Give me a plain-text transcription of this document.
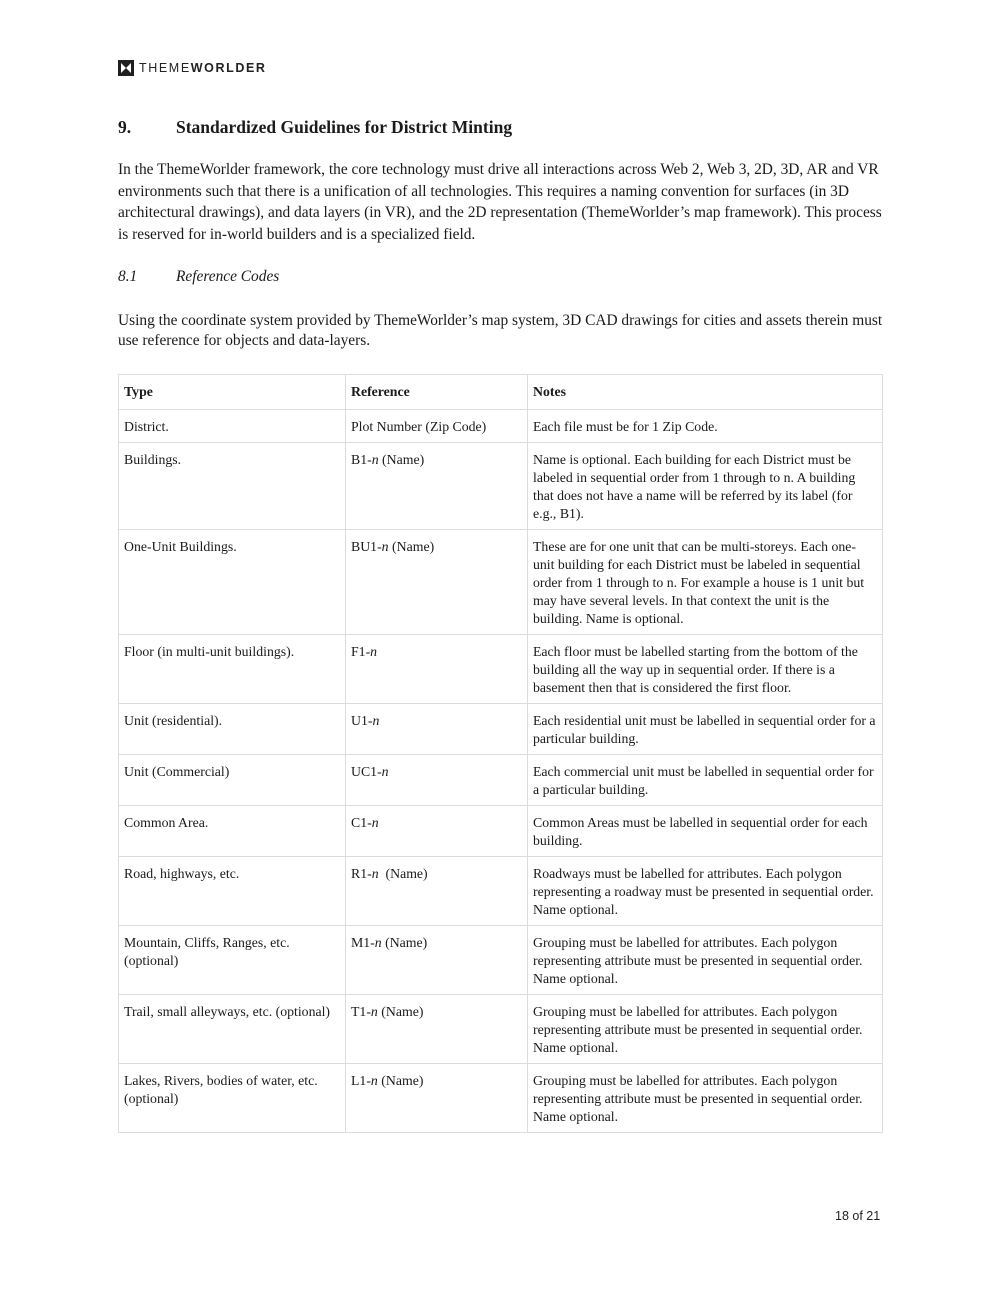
THEMEWORLDER
9.	Standardized Guidelines for District Minting

In the ThemeWorlder framework, the core technology must drive all interactions across Web 2, Web 3, 2D, 3D, AR and VR environments such that there is a unification of all technologies. This requires a naming convention for surfaces (in 3D architectural drawings), and data layers (in VR), and the 2D representation (ThemeWorlder’s map framework). This process is reserved for in-world builders and is a specialized field.

8.1	Reference Codes

Using the coordinate system provided by ThemeWorlder’s map system, 3D CAD drawings for cities and assets therein must use reference for objects and data-layers.

Type	Reference	Notes
District.	Plot Number (Zip Code)	Each file must be for 1 Zip Code.
Buildings.	B1-n (Name)	Name is optional. Each building for each District must be labeled in sequential order from 1 through to n. A building that does not have a name will be referred by its label (for e.g., B1).
One-Unit Buildings.	BU1-n (Name)	These are for one unit that can be multi-storeys. Each one-unit building for each District must be labeled in sequential order from 1 through to n. For example a house is 1 unit but may have several levels. In that context the unit is the building. Name is optional.
Floor (in multi-unit buildings).	F1-n	Each floor must be labelled starting from the bottom of the building all the way up in sequential order. If there is a basement then that is considered the first floor.
Unit (residential).	U1-n	Each residential unit must be labelled in sequential order for a particular building.
Unit (Commercial)	UC1-n	Each commercial unit must be labelled in sequential order for a particular building.
Common Area.	C1-n	Common Areas must be labelled in sequential order for each building.
Road, highways, etc.	R1-n  (Name)	Roadways must be labelled for attributes. Each polygon representing a roadway must be presented in sequential order. Name optional.
Mountain, Cliffs, Ranges, etc. (optional)	M1-n (Name)	Grouping must be labelled for attributes. Each polygon representing attribute must be presented in sequential order. Name optional.
Trail, small alleyways, etc. (optional)	T1-n (Name)	Grouping must be labelled for attributes. Each polygon representing attribute must be presented in sequential order. Name optional.
Lakes, Rivers, bodies of water, etc. (optional)	L1-n (Name)	Grouping must be labelled for attributes. Each polygon representing attribute must be presented in sequential order. Name optional.
18 of 21
